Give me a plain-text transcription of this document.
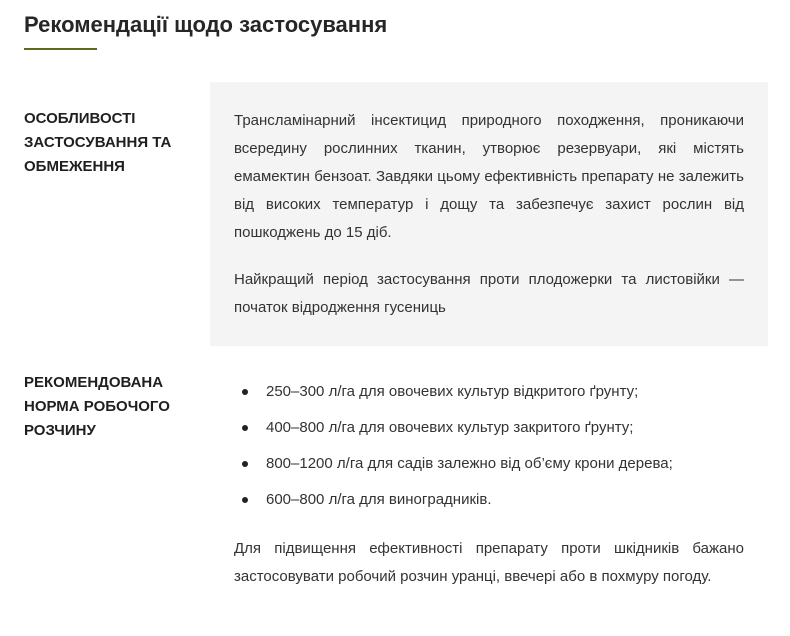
Рекомендації щодо застосування
ОСОБЛИВОСТІ ЗАСТОСУВАННЯ ТА ОБМЕЖЕННЯ

Трансламінарний інсектицид природного походження, проникаючи всередину рослинних тканин, утворює резервуари, які містять емамектин бензоат. Завдяки цьому ефективність препарату не залежить від високих температур і дощу та забезпечує захист рослин від пошкоджень до 15 діб.

Найкращий період застосування проти плодожерки та листовійки — початок відродження гусениць

РЕКОМЕНДОВАНА НОРМА РОБОЧОГО РОЗЧИНУ
250–300 л/га для овочевих культур відкритого ґрунту;
400–800 л/га для овочевих культур закритого ґрунту;
800–1200 л/га для садів залежно від об’єму крони дерева;
600–800 л/га для виноградників.

Для підвищення ефективності препарату проти шкідників бажано застосовувати робочий розчин уранці, ввечері або в похмуру погоду.
